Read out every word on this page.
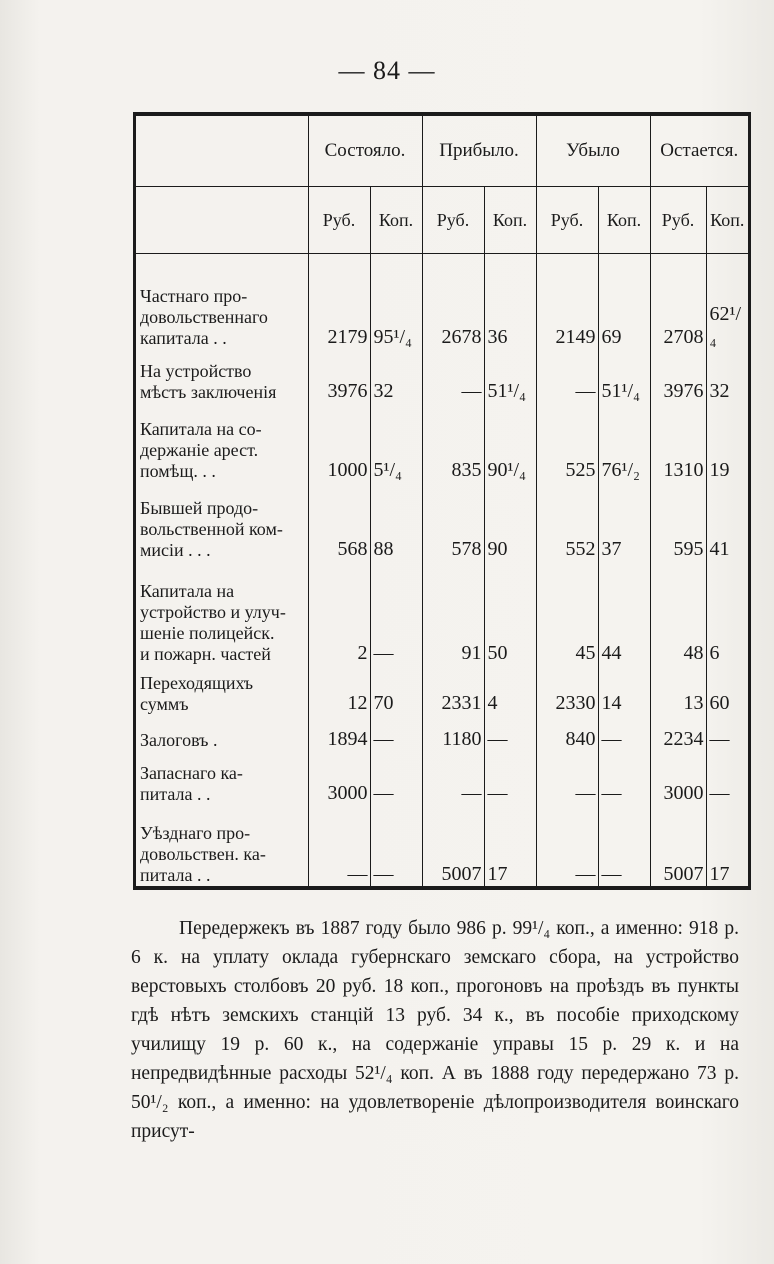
— 84 —
	Состояло.		Прибыло.		Убыло		Остается.	
	Руб.	Коп.	Руб.	Коп.	Руб.	Коп.	Руб.	Коп.
Частнаго про-
довольственнаго
капитала . .	2179	95¹/₄	2678	36	2149	69	2708	62¹/₄
На устройство
мѣстъ заключенія	3976	32	—	51¹/₄	—	51¹/₄	3976	32
Капитала на со-
держаніе арест.
помѣщ. . .	1000	5¹/₄	835	90¹/₄	525	76¹/₂	1310	19
Бывшей продо-
вольственной ком-
мисіи . . .	568	88	578	90	552	37	595	41
Капитала на
устройство и улуч-
шеніе полицейск.
и пожарн. частей	2	—	91	50	45	44	48	6
Переходящихъ
суммъ	12	70	2331	4	2330	14	13	60
Залоговъ .	1894	—	1180	—	840	—	2234	—
Запаснаго ка-
питала . .	3000	—	—	—	—	—	3000	—
Уѣзднаго про-
довольствен. ка-
питала . .	—	—	5007	17	—	—	5007	17

Передержекъ въ 1887 году было 986 р. 99¹/₄ коп., а именно: 918 р. 6 к. на уплату оклада губернскаго земскаго сбора, на устройство верстовыхъ столбовъ 20 руб. 18 коп., прогоновъ на проѣздъ въ пункты гдѣ нѣтъ земскихъ станцій 13 руб. 34 к., въ пособіе приходскому училищу 19 р. 60 к., на содержаніе управы 15 р. 29 к. и на непредвидѣнные расходы 52¹/₄ коп. А въ 1888 году передержано 73 р. 50¹/₂ коп., а именно: на удовлетвореніе дѣлопроизводителя воинскаго присут-
